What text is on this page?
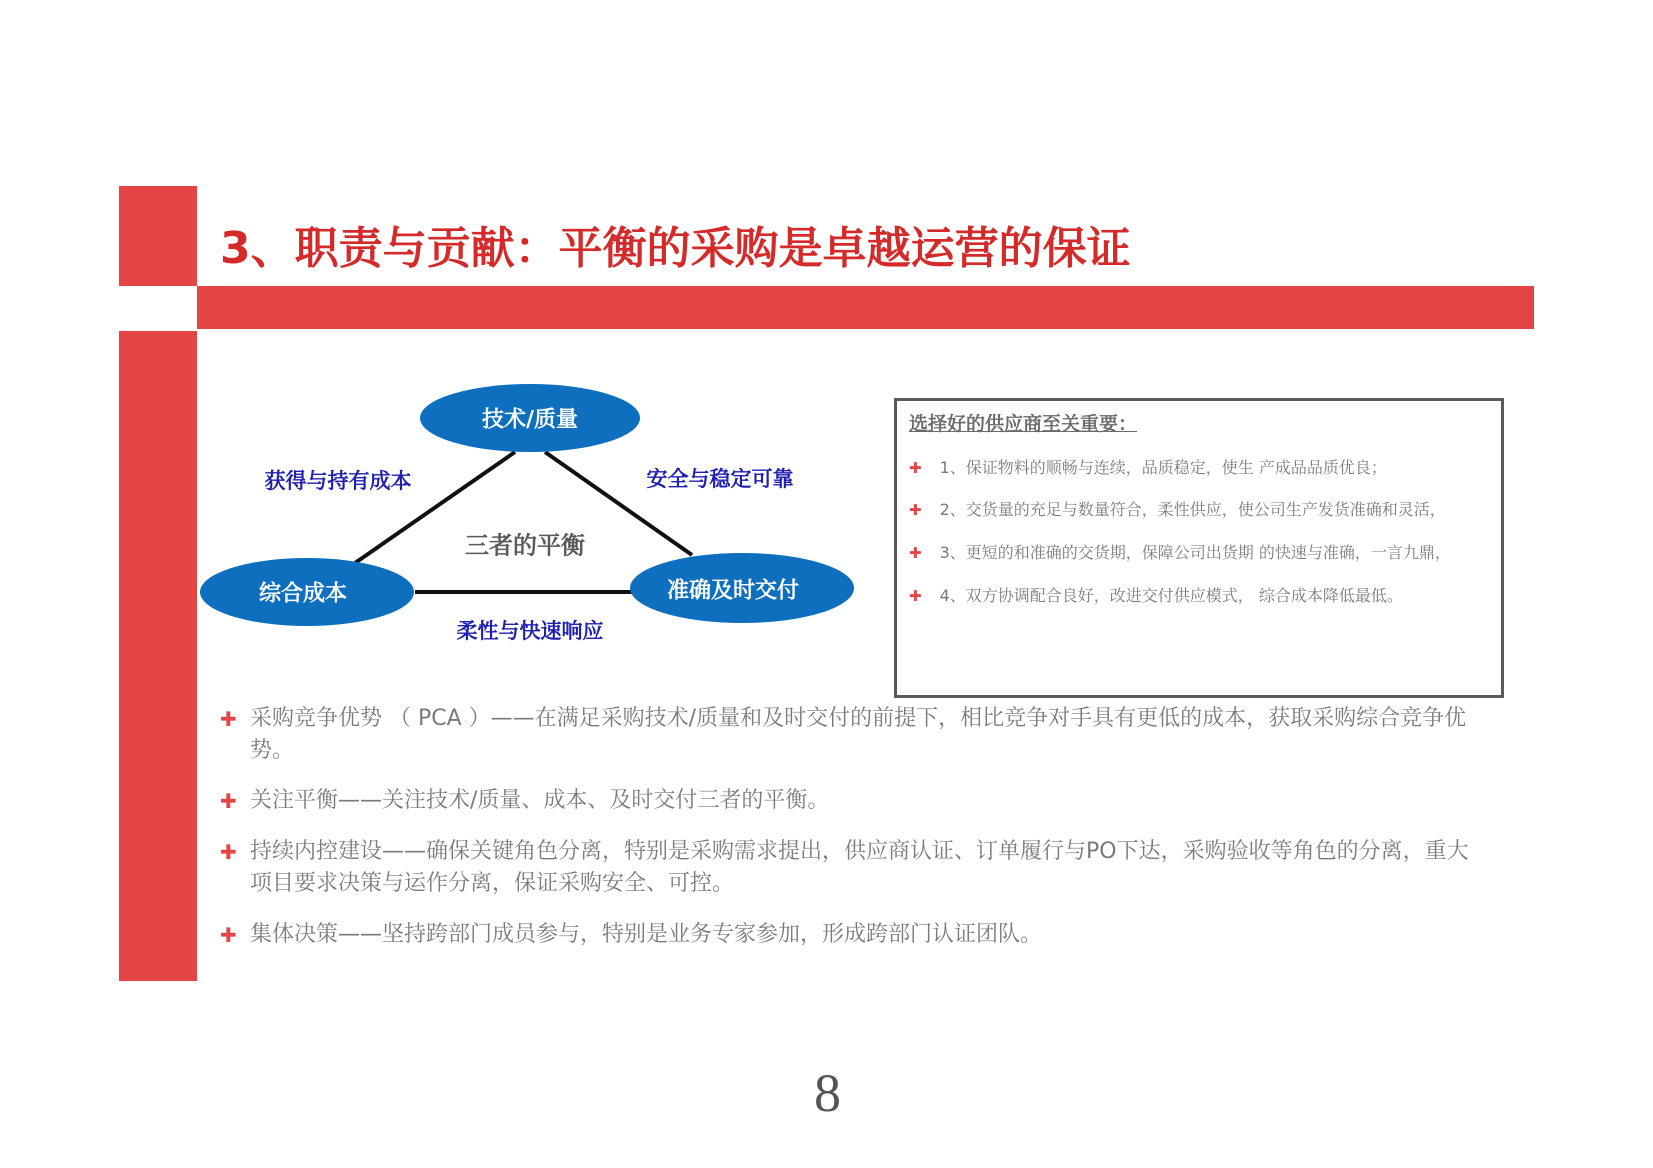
3、职责与贡献：平衡的采购是卓越运营的保证
技术/质量
综合成本	准确及时交付
获得与持有成本	安全与稳定可靠
柔性与快速响应
三者的平衡
选择好的供应商至关重要：
✚ 1、保证物料的顺畅与连续，品质稳定，使生 产成品品质优良；
✚ 2、交货量的充足与数量符合，柔性供应，使公司生产发货准确和灵活，
✚ 3、更短的和准确的交货期，保障公司出货期 的快速与准确，一言九鼎，
✚ 4、双方协调配合良好，改进交付供应模式， 综合成本降低最低。
✚ 采购竞争优势 （ PCA ）——在满足采购技术/质量和及时交付的前提下，相比竞争对手具有更低的成本，获取采购综合竞争优势。
✚ 关注平衡——关注技术/质量、成本、及时交付三者的平衡。
✚ 持续内控建设——确保关键角色分离，特别是采购需求提出，供应商认证、订单履行与PO下达，采购验收等角色的分离，重大项目要求决策与运作分离，保证采购安全、可控。
✚ 集体决策——坚持跨部门成员参与，特别是业务专家参加，形成跨部门认证团队。
8
